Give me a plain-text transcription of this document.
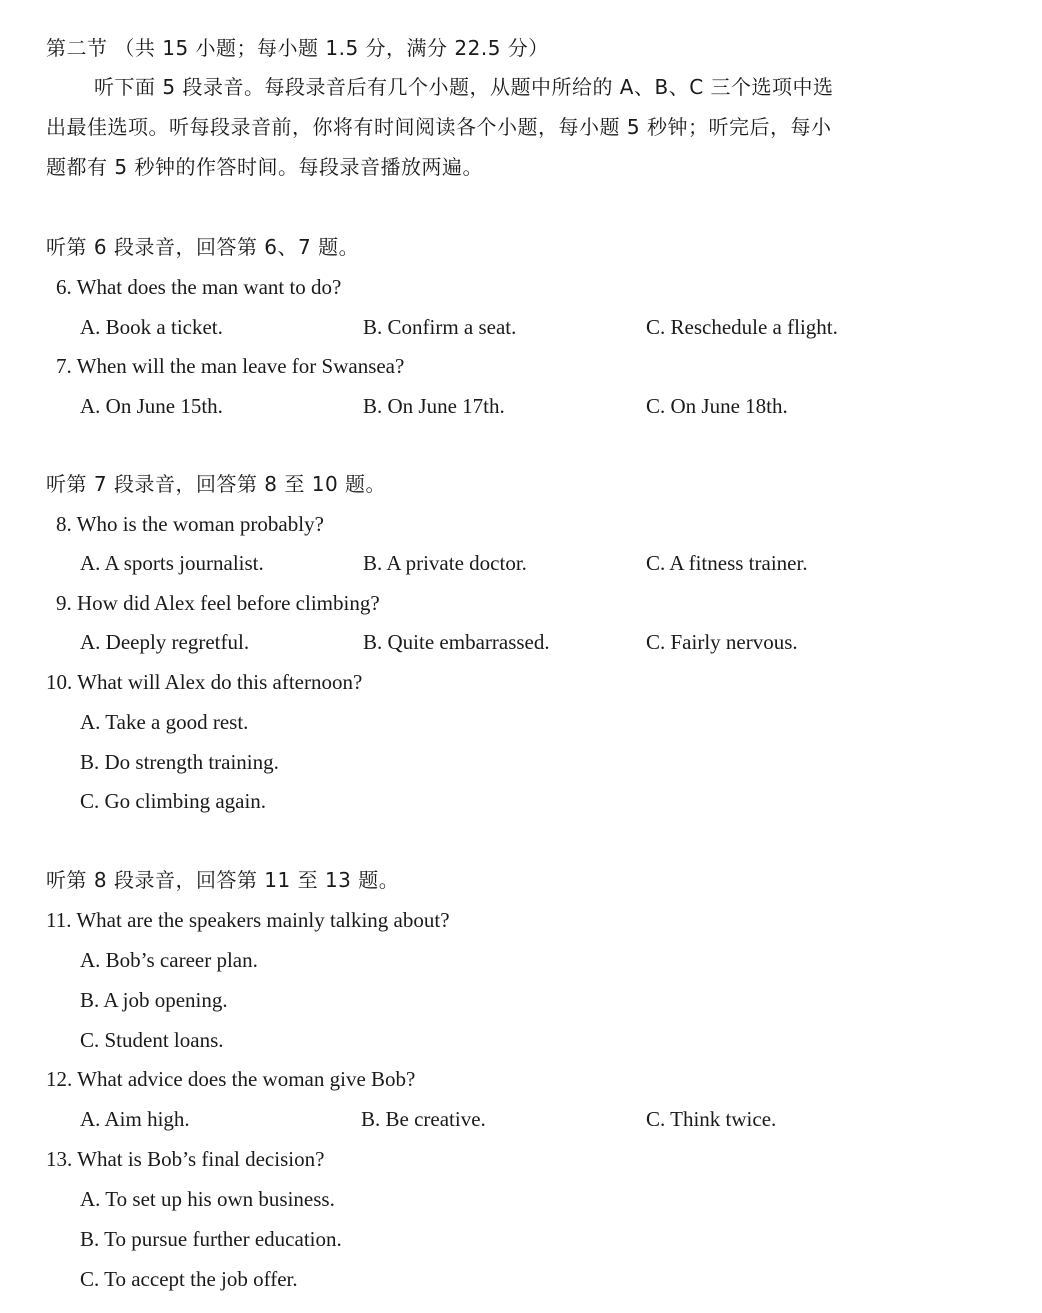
第二节 （共 15 小题；每小题 1.5 分，满分 22.5 分）
听下面 5 段录音。每段录音后有几个小题，从题中所给的 A、B、C 三个选项中选
出最佳选项。听每段录音前，你将有时间阅读各个小题，每小题 5 秒钟；听完后，每小
题都有 5 秒钟的作答时间。每段录音播放两遍。
听第 6 段录音，回答第 6、7 题。
6. What does the man want to do?
A. Book a ticket.	B. Confirm a seat.	C. Reschedule a flight.
7. When will the man leave for Swansea?
A. On June 15th.	B. On June 17th.	C. On June 18th.
听第 7 段录音，回答第 8 至 10 题。
8. Who is the woman probably?
A. A sports journalist.	B. A private doctor.	C. A fitness trainer.
9. How did Alex feel before climbing?
A. Deeply regretful.	B. Quite embarrassed.	C. Fairly nervous.
10. What will Alex do this afternoon?
A. Take a good rest.
B. Do strength training.
C. Go climbing again.
听第 8 段录音，回答第 11 至 13 题。
11. What are the speakers mainly talking about?
A. Bob’s career plan.
B. A job opening.
C. Student loans.
12. What advice does the woman give Bob?
A. Aim high.	B. Be creative.	C. Think twice.
13. What is Bob’s final decision?
A. To set up his own business.
B. To pursue further education.
C. To accept the job offer.
